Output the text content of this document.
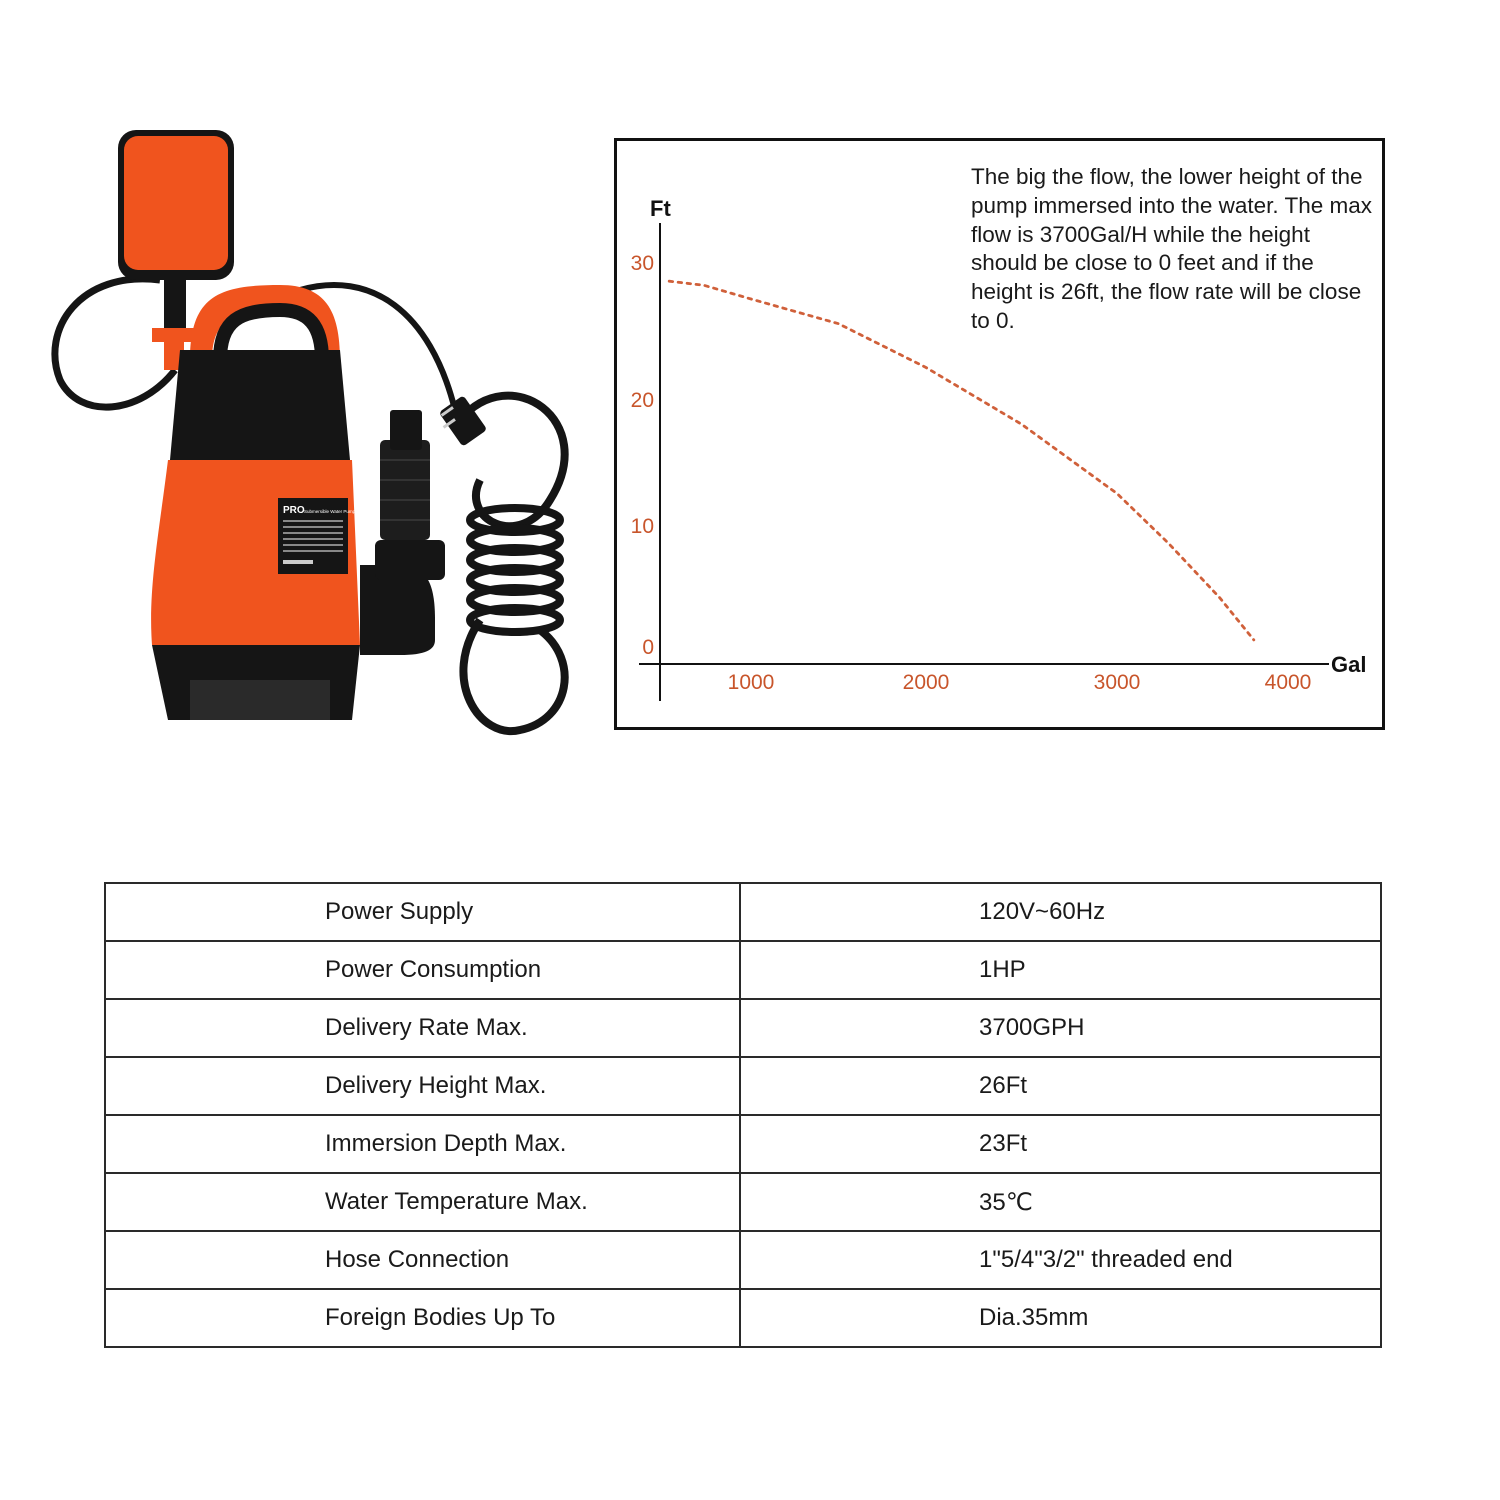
PRO Submersible Water Pump
Ft
Gal
0
10
20
30
1000	2000	3000	4000

The big the flow, the lower height of the pump immersed into the water. The max flow is 3700Gal/H while the height should be close to 0 feet and if the height is 26ft, the flow rate will be close to 0.

Power Supply	120V~60Hz
Power Consumption	1HP
Delivery Rate Max.	3700GPH
Delivery Height Max.	26Ft
Immersion Depth Max.	23Ft
Water Temperature Max.	35℃
Hose Connection	1"5/4"3/2" threaded end
Foreign Bodies Up To	Dia.35mm
